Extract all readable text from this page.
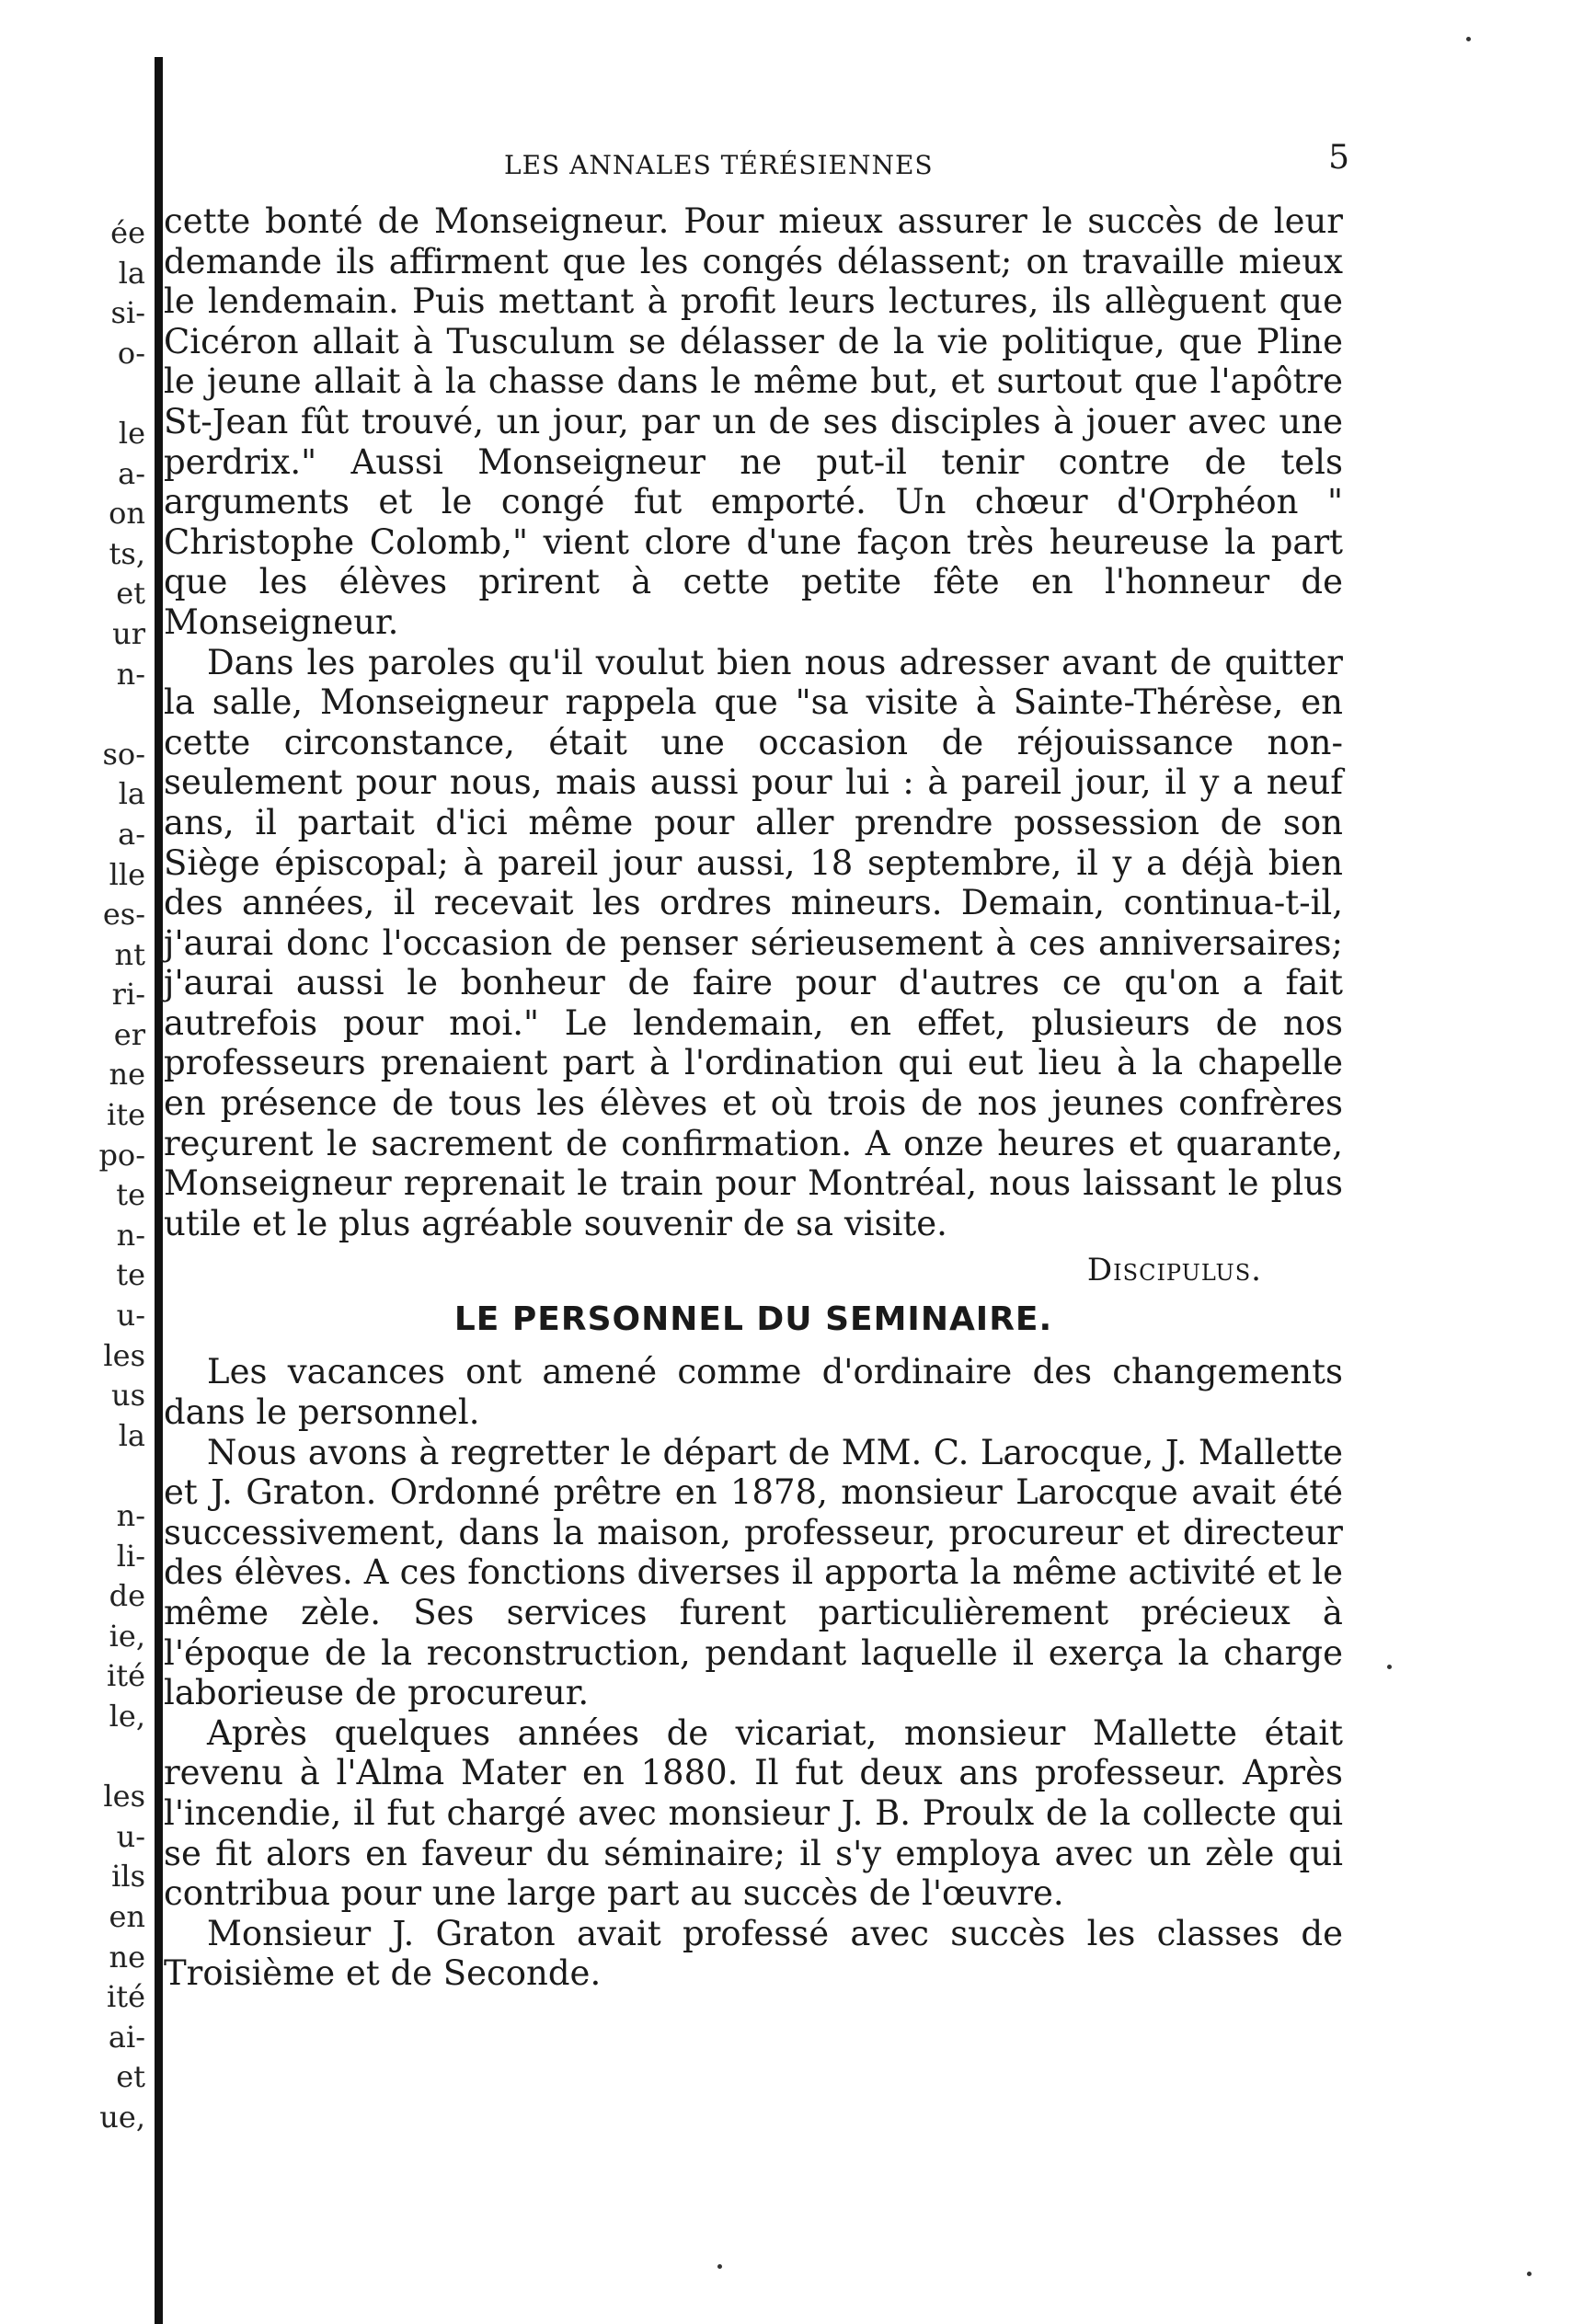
ée
la
si-
o-
le
a-
on
ts,
et
ur
n-
so-
la
a-
lle
es-
nt
ri-
er
ne
ite
po-
te
n-
te
u-
les
us
la
n-
li-
de
ie,
ité
le,
les
u-
ils
en
ne
ité
ai-
et
ue,
LES ANNALES TÉRÉSIENNES	5

cette bonté de Monseigneur. Pour mieux assurer le succès de leur demande ils affirment que les congés délassent; on travaille mieux le lendemain. Puis mettant à profit leurs lectures, ils allèguent que Cicéron allait à Tusculum se délasser de la vie politique, que Pline le jeune allait à la chasse dans le même but, et surtout que l'apôtre St-Jean fût trouvé, un jour, par un de ses disciples à jouer avec une perdrix." Aussi Monseigneur ne put-il tenir contre de tels arguments et le congé fut emporté. Un chœur d'Orphéon " Christophe Colomb," vient clore d'une façon très heureuse la part que les élèves prirent à cette petite fête en l'honneur de Monseigneur.

Dans les paroles qu'il voulut bien nous adresser avant de quitter la salle, Monseigneur rappela que "sa visite à Sainte-Thérèse, en cette circonstance, était une occasion de réjouissance non-seulement pour nous, mais aussi pour lui : à pareil jour, il y a neuf ans, il partait d'ici même pour aller prendre possession de son Siège épiscopal; à pareil jour aussi, 18 septembre, il y a déjà bien des années, il recevait les ordres mineurs. Demain, continua-t-il, j'aurai donc l'occasion de penser sérieusement à ces anniversaires; j'aurai aussi le bonheur de faire pour d'autres ce qu'on a fait autrefois pour moi." Le lendemain, en effet, plusieurs de nos professeurs prenaient part à l'ordination qui eut lieu à la chapelle en présence de tous les élèves et où trois de nos jeunes confrères reçurent le sacrement de confirmation. A onze heures et quarante, Monseigneur reprenait le train pour Montréal, nous laissant le plus utile et le plus agréable souvenir de sa visite.

Discipulus.
LE PERSONNEL DU SEMINAIRE.

Les vacances ont amené comme d'ordinaire des changements dans le personnel.

Nous avons à regretter le départ de MM. C. Larocque, J. Mallette et J. Graton. Ordonné prêtre en 1878, monsieur Larocque avait été successivement, dans la maison, professeur, procureur et directeur des élèves. A ces fonctions diverses il apporta la même activité et le même zèle. Ses services furent particulièrement précieux à l'époque de la reconstruction, pendant laquelle il exerça la charge laborieuse de procureur.

Après quelques années de vicariat, monsieur Mallette était revenu à l'Alma Mater en 1880. Il fut deux ans professeur. Après l'incendie, il fut chargé avec monsieur J. B. Proulx de la collecte qui se fit alors en faveur du séminaire; il s'y employa avec un zèle qui contribua pour une large part au succès de l'œuvre.

Monsieur J. Graton avait professé avec succès les classes de Troisième et de Seconde.
